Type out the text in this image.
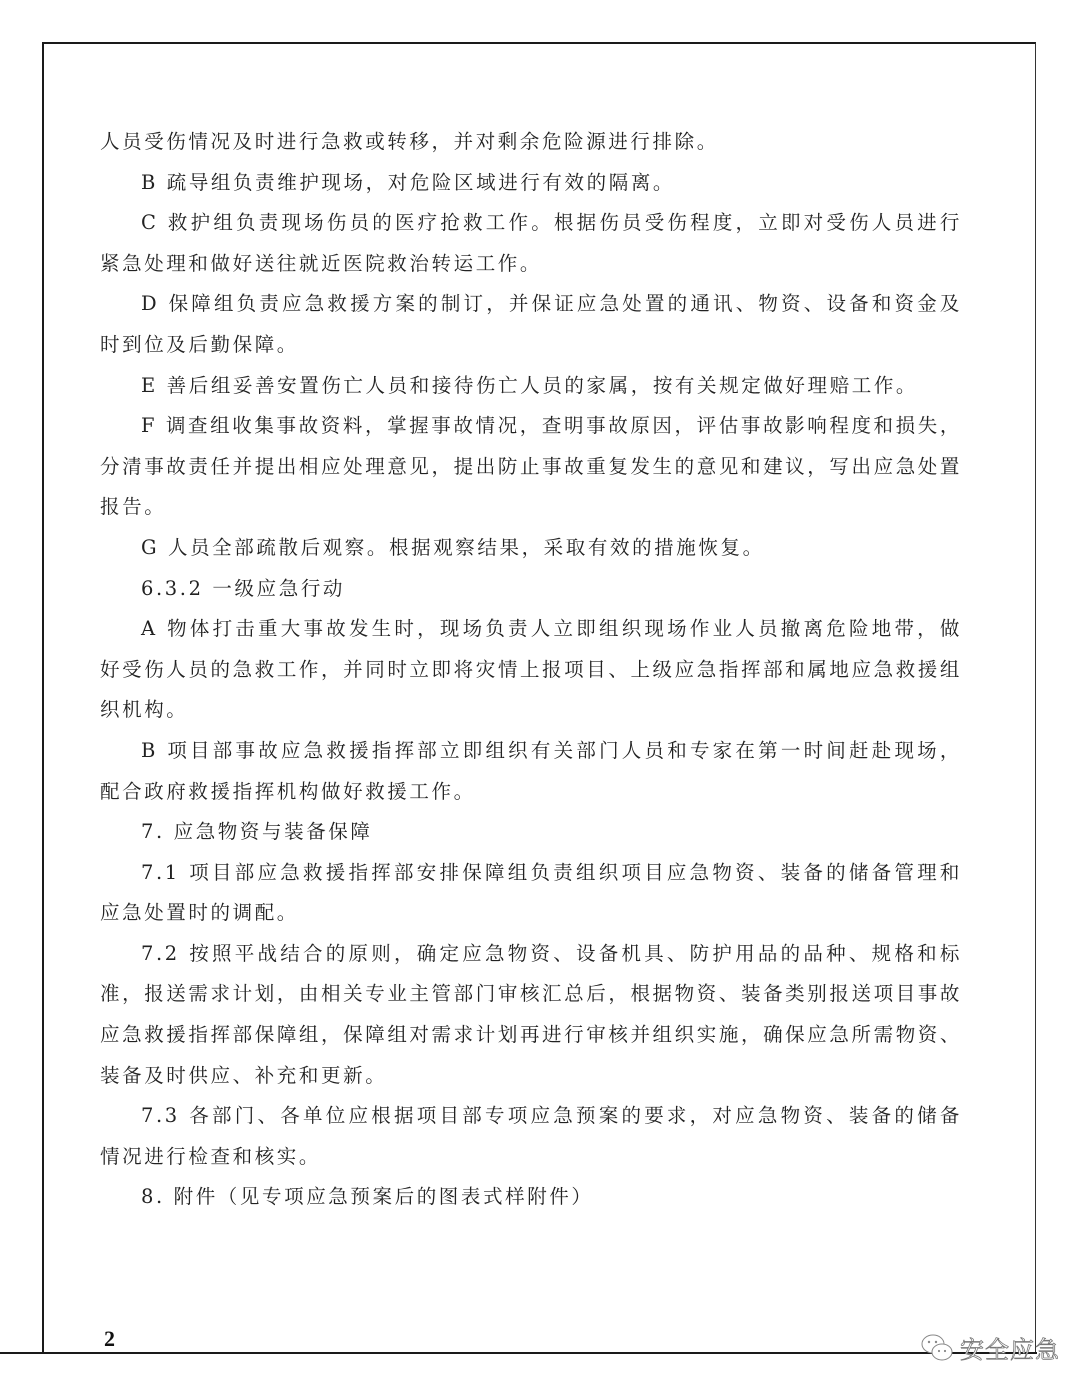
人员受伤情况及时进行急救或转移，并对剩余危险源进行排除。

B 疏导组负责维护现场，对危险区域进行有效的隔离。

C 救护组负责现场伤员的医疗抢救工作。根据伤员受伤程度，立即对受伤人员进行紧急处理和做好送往就近医院救治转运工作。

D 保障组负责应急救援方案的制订，并保证应急处置的通讯、物资、设备和资金及时到位及后勤保障。

E 善后组妥善安置伤亡人员和接待伤亡人员的家属，按有关规定做好理赔工作。

F 调查组收集事故资料，掌握事故情况，查明事故原因，评估事故影响程度和损失，分清事故责任并提出相应处理意见，提出防止事故重复发生的意见和建议，写出应急处置报告。

G 人员全部疏散后观察。根据观察结果，采取有效的措施恢复。

6.3.2 一级应急行动

A 物体打击重大事故发生时，现场负责人立即组织现场作业人员撤离危险地带，做好受伤人员的急救工作，并同时立即将灾情上报项目、上级应急指挥部和属地应急救援组织机构。

B 项目部事故应急救援指挥部立即组织有关部门人员和专家在第一时间赶赴现场，配合政府救援指挥机构做好救援工作。

7. 应急物资与装备保障

7.1 项目部应急救援指挥部安排保障组负责组织项目应急物资、装备的储备管理和应急处置时的调配。

7.2 按照平战结合的原则，确定应急物资、设备机具、防护用品的品种、规格和标准，报送需求计划，由相关专业主管部门审核汇总后，根据物资、装备类别报送项目事故应急救援指挥部保障组，保障组对需求计划再进行审核并组织实施，确保应急所需物资、装备及时供应、补充和更新。

7.3 各部门、各单位应根据项目部专项应急预案的要求，对应急物资、装备的储备情况进行检查和核实。

8. 附件（见专项应急预案后的图表式样附件）

2	安全应急
